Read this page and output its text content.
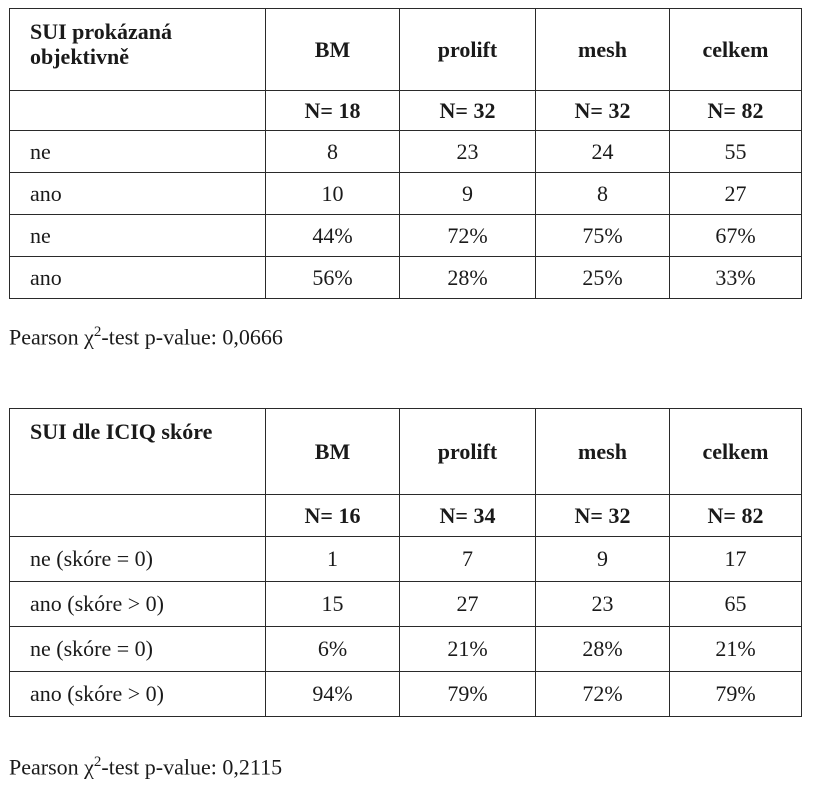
SUI prokázaná objektivně	BM	prolift	mesh	celkem
	N= 18	N= 32	N= 32	N= 82
ne	8	23	24	55
ano	10	9	8	27
ne	44%	72%	75%	67%
ano	56%	28%	25%	33%
Pearson $\chi^2$-test p-value: 0,0666
SUI dle ICIQ skóre	BM	prolift	mesh	celkem
	N= 16	N= 34	N= 32	N= 82
ne (skóre = 0)	1	7	9	17
ano (skóre > 0)	15	27	23	65
ne (skóre = 0)	6%	21%	28%	21%
ano (skóre > 0)	94%	79%	72%	79%
Pearson $\chi^2$-test p-value: 0,2115
